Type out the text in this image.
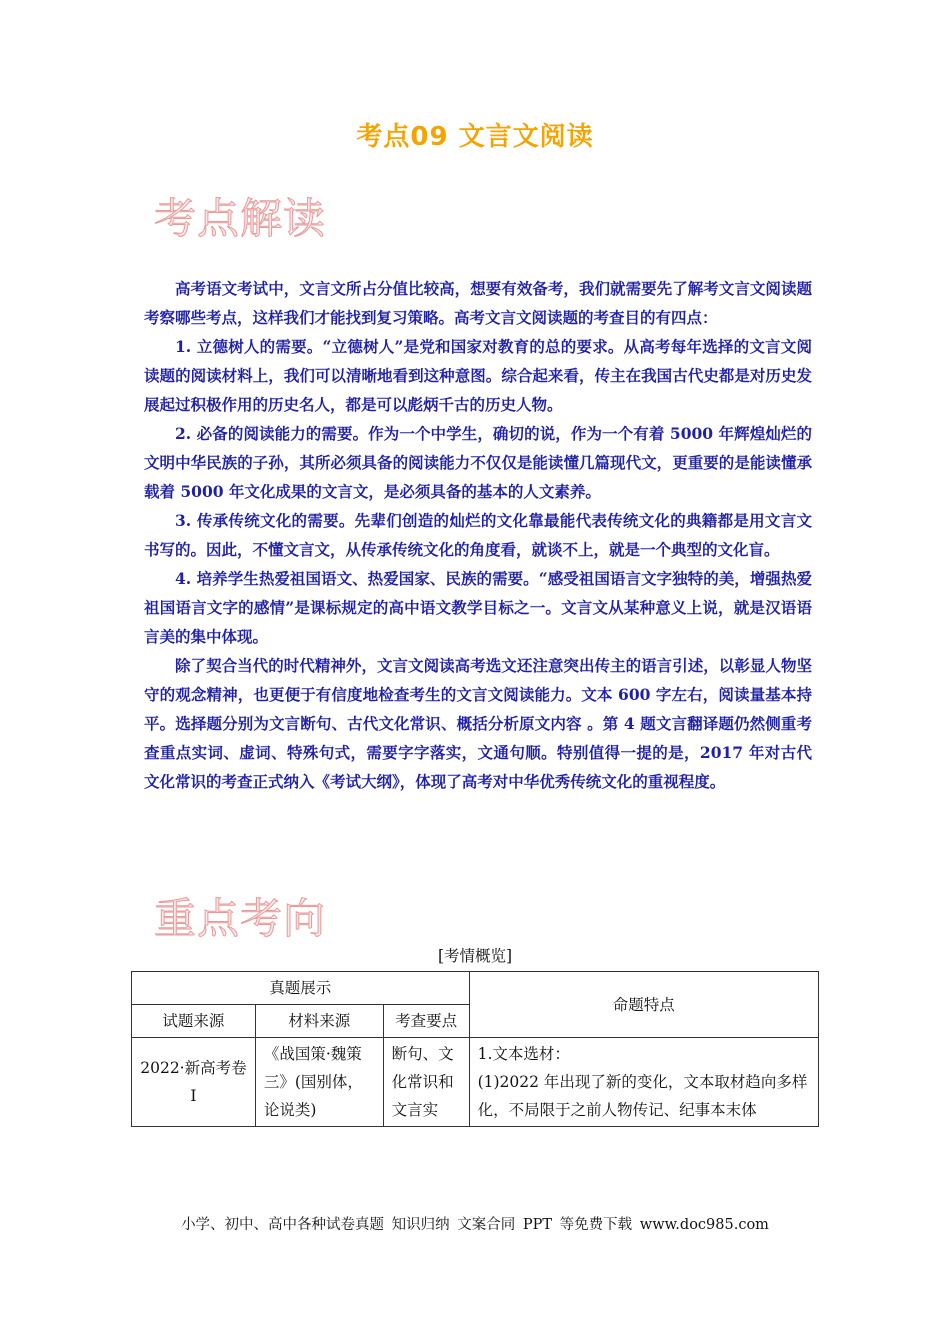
考点09 文言文阅读
考点解读

高考语文考试中，文言文所占分值比较高，想要有效备考，我们就需要先了解考文言文阅读题考察哪些考点，这样我们才能找到复习策略。高考文言文阅读题的考查目的有四点：

1. 立德树人的需要。“立德树人”是党和国家对教育的总的要求。从高考每年选择的文言文阅读题的阅读材料上，我们可以清晰地看到这种意图。综合起来看，传主在我国古代史都是对历史发展起过积极作用的历史名人，都是可以彪炳千古的历史人物。

2. 必备的阅读能力的需要。作为一个中学生，确切的说，作为一个有着 5000 年辉煌灿烂的文明中华民族的子孙，其所必须具备的阅读能力不仅仅是能读懂几篇现代文，更重要的是能读懂承载着 5000 年文化成果的文言文，是必须具备的基本的人文素养。

3. 传承传统文化的需要。先辈们创造的灿烂的文化靠最能代表传统文化的典籍都是用文言文书写的。因此，不懂文言文，从传承传统文化的角度看，就谈不上，就是一个典型的文化盲。

4. 培养学生热爱祖国语文、热爱国家、民族的需要。“感受祖国语言文字独特的美，增强热爱祖国语言文字的感情”是课标规定的高中语文教学目标之一。文言文从某种意义上说，就是汉语语言美的集中体现。

除了契合当代的时代精神外，文言文阅读高考选文还注意突出传主的语言引述，以彰显人物坚守的观念精神，也更便于有信度地检查考生的文言文阅读能力。文本 600 字左右，阅读量基本持平。选择题分别为文言断句、古代文化常识、概括分析原文内容 。第 4 题文言翻译题仍然侧重考查重点实词、虚词、特殊句式，需要字字落实，文通句顺。特别值得一提的是，2017 年对古代文化常识的考查正式纳入《考试大纲》，体现了高考对中华优秀传统文化的重视程度。

重点考向
[考情概览]
真题展示			命题特点
试题来源	材料来源	考查要点	
2022·新高考卷Ⅰ	《战国策·魏策三》(国别体，论说类)	断句、文化常识和文言实	1.文本选材：
(1)2022 年出现了新的变化，文本取材趋向多样化，不局限于之前人物传记、纪事本末体
小学、初中、高中各种试卷真题 知识归纳 文案合同 PPT 等免费下载 www.doc985.com
